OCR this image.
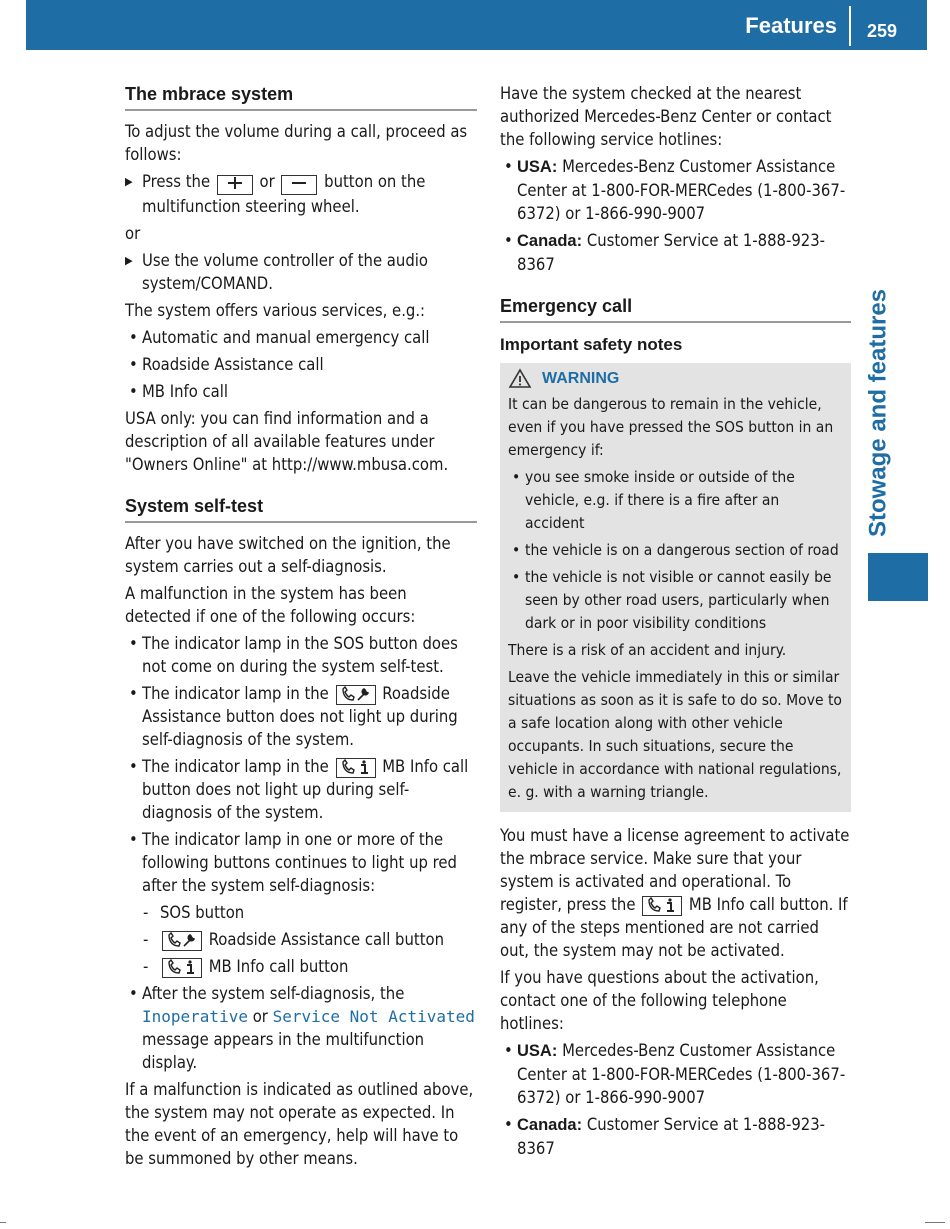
Features 259
Stowage and features
The mbrace system

To adjust the volume during a call, proceed as follows:

▶ Press the	or	button on the multifunction steering wheel.

or

▶ Use the volume controller of the audio system/COMAND.

The system offers various services, e.g.:

• Automatic and manual emergency call
• Roadside Assistance call
• MB Info call

USA only: you can find information and a description of all available features under "Owners Online" at http://www.mbusa.com.

System self-test

After you have switched on the ignition, the system carries out a self-diagnosis.

A malfunction in the system has been detected if one of the following occurs:

• The indicator lamp in the SOS button does not come on during the system self-test.
• The indicator lamp in the	Roadside Assistance button does not light up during self-diagnosis of the system.
• The indicator lamp in the	MB Info call button does not light up during self-diagnosis of the system.
• The indicator lamp in one or more of the following buttons continues to light up red after the system self-diagnosis:
- SOS button
- Roadside Assistance call button
- MB Info call button
• After the system self-diagnosis, the Inoperative or Service Not Activated message appears in the multifunction display.

If a malfunction is indicated as outlined above, the system may not operate as expected. In the event of an emergency, help will have to be summoned by other means.

Have the system checked at the nearest authorized Mercedes-Benz Center or contact the following service hotlines:

• USA: Mercedes-Benz Customer Assistance Center at 1-800-FOR-MERCedes (1-800-367-6372) or 1-866-990-9007
• Canada: Customer Service at 1-888-923-8367
Emergency call
Important safety notes
WARNING

It can be dangerous to remain in the vehicle, even if you have pressed the SOS button in an emergency if:

• you see smoke inside or outside of the vehicle, e.g. if there is a fire after an accident
• the vehicle is on a dangerous section of road
• the vehicle is not visible or cannot easily be seen by other road users, particularly when dark or in poor visibility conditions

There is a risk of an accident and injury.

Leave the vehicle immediately in this or similar situations as soon as it is safe to do so. Move to a safe location along with other vehicle occupants. In such situations, secure the vehicle in accordance with national regulations, e. g. with a warning triangle.

You must have a license agreement to activate the mbrace service. Make sure that your system is activated and operational. To register, press the	MB Info call button. If any of the steps mentioned are not carried out, the system may not be activated.

If you have questions about the activation, contact one of the following telephone hotlines:

• USA: Mercedes-Benz Customer Assistance Center at 1-800-FOR-MERCedes (1-800-367-6372) or 1-866-990-9007
• Canada: Customer Service at 1-888-923-8367
